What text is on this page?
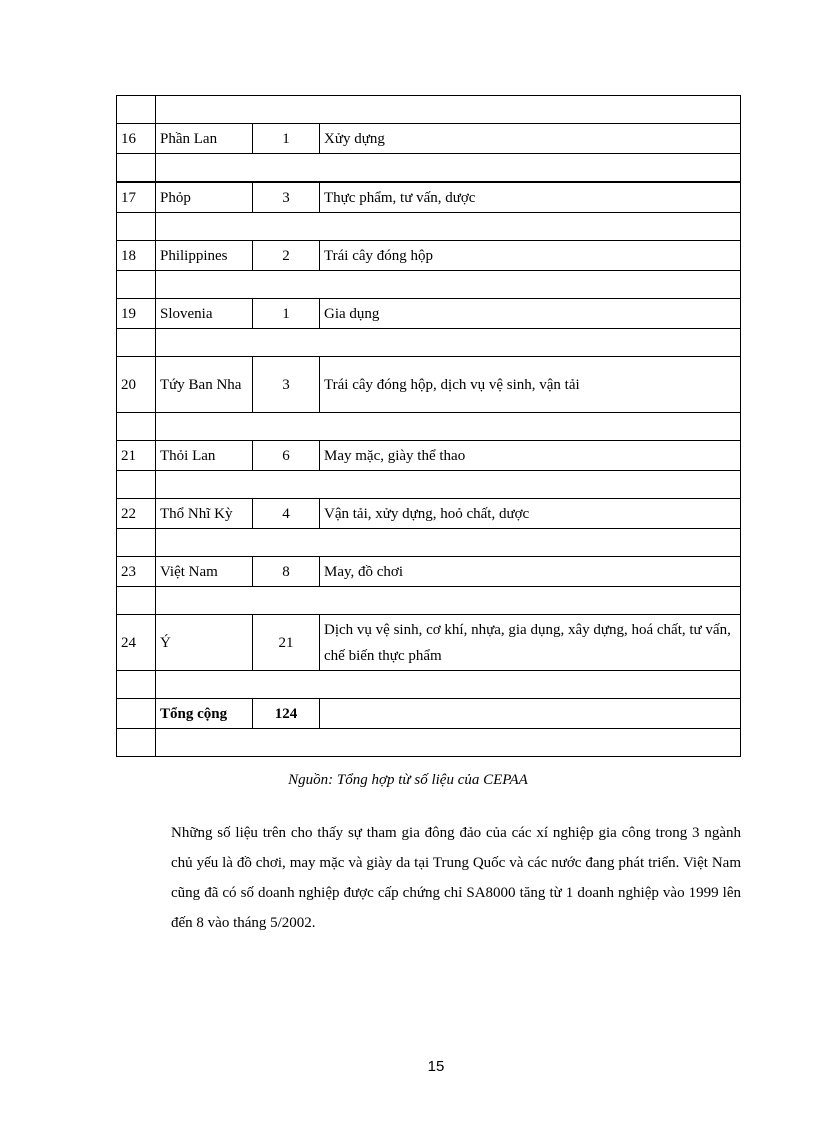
16	Phần Lan	1	Xửy dựng

17	Phỏp	3	Thực phẩm, tư vấn, dược

18	Philippines	2	Trái cây đóng hộp

19	Slovenia	1	Gia dụng

20	Tứy Ban Nha	3	Trái cây đóng hộp, dịch vụ vệ sinh, vận tải

21	Thỏi Lan	6	May mặc, giày thể thao

22	Thổ Nhĩ Kỳ	4	Vận tải, xửy dựng, hoỏ chất, dược

23	Việt Nam	8	May, đồ chơi

24	Ý	21	Dịch vụ vệ sinh, cơ khí, nhựa, gia dụng, xây dựng, hoá chất, tư vấn, chế biến thực phẩm

	Tổng cộng	124	

Nguồn: Tổng hợp từ số liệu của CEPAA
Những số liệu trên cho thấy sự tham gia đông đảo của các xí nghiệp gia công trong 3 ngành chủ yếu là đồ chơi, may mặc và giày da tại Trung Quốc và các nước đang phát triển. Việt Nam cũng đã có số doanh nghiệp được cấp chứng chỉ SA8000 tăng từ 1 doanh nghiệp vào 1999 lên đến 8 vào tháng 5/2002.
15
